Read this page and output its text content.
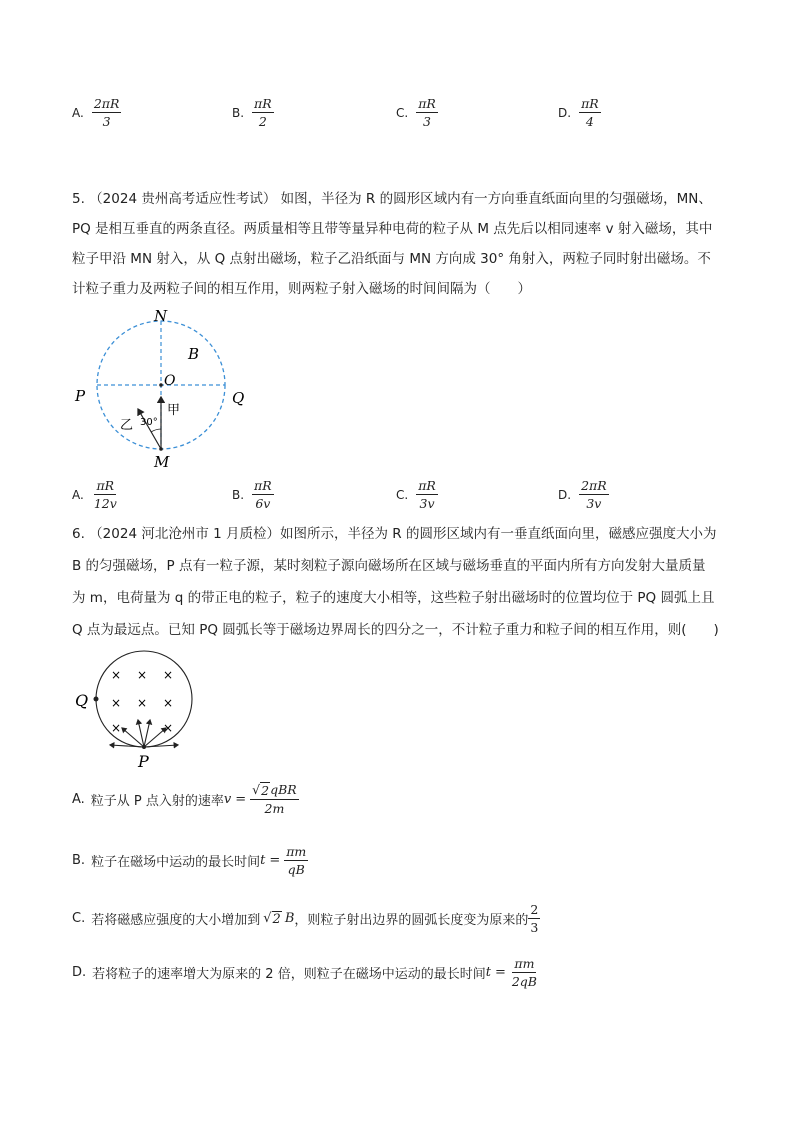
A. $\frac{2\pi R}{3}$	B. $\frac{\pi R}{2}$	C. $\frac{\pi R}{3}$	D. $\frac{\pi R}{4}$
5. （2024 贵州高考适应性考试） 如图，半径为 R 的圆形区域内有一方向垂直纸面向里的匀强磁场，MN、
PQ 是相互垂直的两条直径。两质量相等且带等量异种电荷的粒子从 M 点先后以相同速率 v 射入磁场，其中
粒子甲沿 MN 射入，从 Q 点射出磁场，粒子乙沿纸面与 MN 方向成 30° 角射入，两粒子同时射出磁场。不
计粒子重力及两粒子间的相互作用，则两粒子射入磁场的时间间隔为（　　）
N
M
P	Q
O
B
甲
乙 30°
A. $\frac{\pi R}{12v}$	B. $\frac{\pi R}{6v}$	C. $\frac{\pi R}{3v}$	D. $\frac{2\pi R}{3v}$
6. （2024 河北沧州市 1 月质检）如图所示，半径为 R 的圆形区域内有一垂直纸面向里，磁感应强度大小为
B 的匀强磁场，P 点有一粒子源，某时刻粒子源向磁场所在区域与磁场垂直的平面内所有方向发射大量质量
为 m，电荷量为 q 的带正电的粒子，粒子的速度大小相等，这些粒子射出磁场时的位置均位于 PQ 圆弧上且
Q 点为最远点。已知 PQ 圆弧长等于磁场边界周长的四分之一，不计粒子重力和粒子间的相互作用，则(　　)
× × ×
× × ×
×	×
Q
P
A. 粒子从 P 点入射的速率 $v = \frac{\text{√ 2 qBR}}{2m}$
B. 粒子在磁场中运动的最长时间 $t = \frac{\pi m}{qB}$
C. 若将磁感应强度的大小增加到 √ 2 B ，则粒子射出边界的圆弧长度变为原来的 $\frac{2}{3}$
D. 若将粒子的速率增大为原来的 2 倍，则粒子在磁场中运动的最长时间 $t = \frac{\pi m}{2qB}$
